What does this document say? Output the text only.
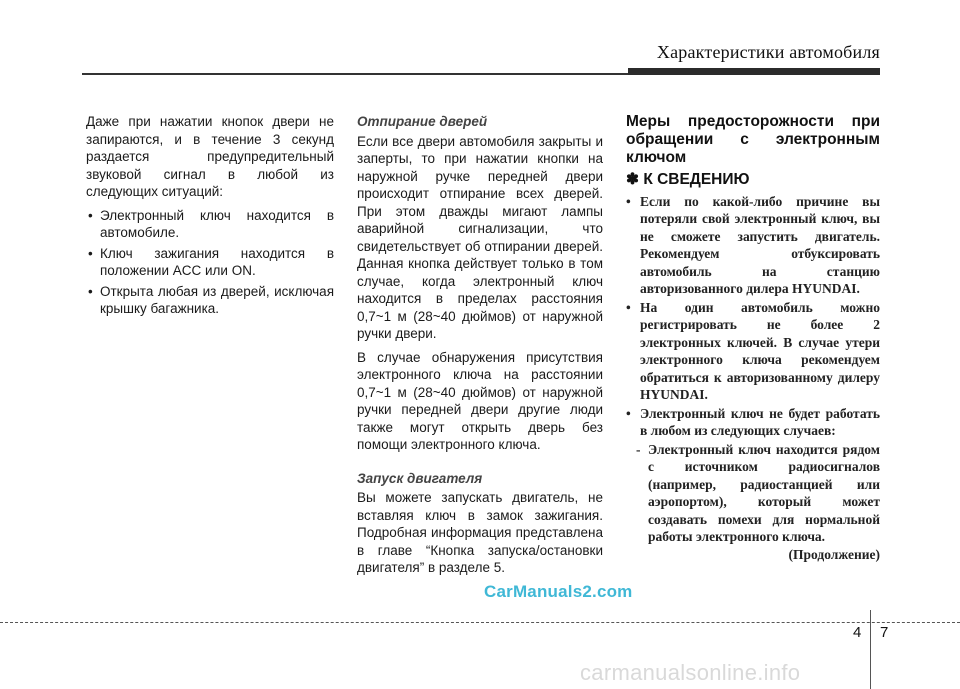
Характеристики автомобиля

Даже при нажатии кнопок двери не запираются, и в течение 3 секунд раздается предупредительный звуковой сигнал в любой из следующих ситуаций:

• Электронный ключ находится в автомобиле.
• Ключ зажигания находится в положении ACC или ON.
• Открыта любая из дверей, исключая крышку багажника.
Отпирание дверей

Если все двери автомобиля закрыты и заперты, то при нажатии кнопки на наружной ручке передней двери происходит отпирание всех дверей. При этом дважды мигают лампы аварийной сигнализации, что свидетельствует об отпирании дверей. Данная кнопка действует только в том случае, когда электронный ключ находится в пределах расстояния 0,7~1 м (28~40 дюймов) от наружной ручки двери.

В случае обнаружения присутствия электронного ключа на расстоянии 0,7~1 м (28~40 дюймов) от наружной ручки передней двери другие люди также могут открыть дверь без помощи электронного ключа.

Запуск двигателя

Вы можете запускать двигатель, не вставляя ключ в замок зажигания. Подробная информация представлена в главе “Кнопка запуска/остановки двигателя” в разделе 5.

Меры предосторожности при обращении с электронным ключом
✽ К СВЕДЕНИЮ
• Если по какой-либо причине вы потеряли свой электронный ключ, вы не сможете запустить двигатель. Рекомендуем отбуксировать автомобиль на станцию авторизованного дилера HYUNDAI.
• На один автомобиль можно регистрировать не более 2 электронных ключей. В случае утери электронного ключа рекомендуем обратиться к авторизованному дилеру HYUNDAI.
• Электронный ключ не будет работать в любом из следующих случаев:
- Электронный ключ находится рядом с источником радиосигналов (например, радиостанцией или аэропортом), который может создавать помехи для нормальной работы электронного ключа.
(Продолжение)
CarManuals2.com
4 7
carmanualsonline.info
